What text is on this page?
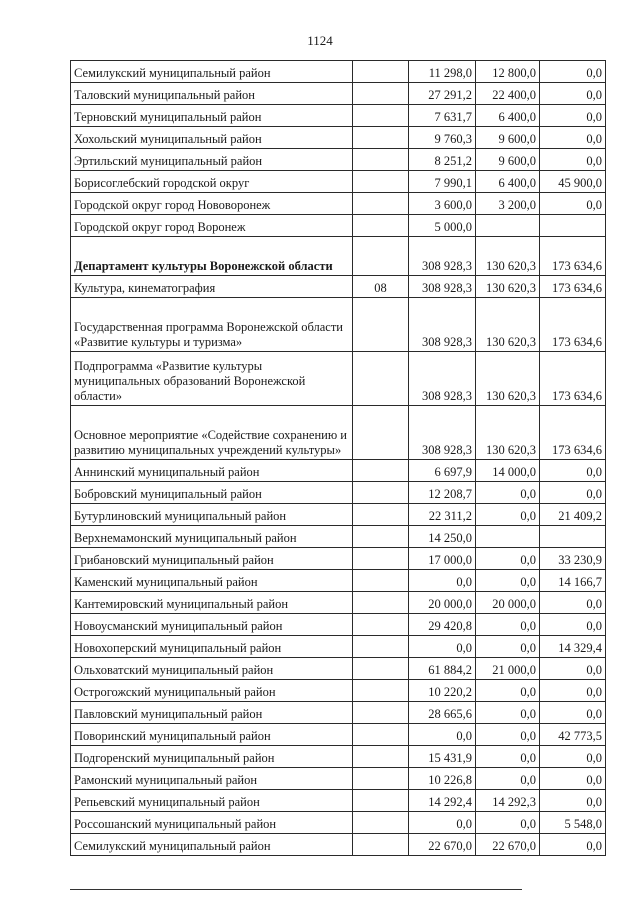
1124
Семилукский муниципальный район		11 298,0	12 800,0	0,0
Таловский муниципальный район		27 291,2	22 400,0	0,0
Терновский муниципальный район		7 631,7	6 400,0	0,0
Хохольский муниципальный район		9 760,3	9 600,0	0,0
Эртильский муниципальный район		8 251,2	9 600,0	0,0
Борисоглебский городской округ		7 990,1	6 400,0	45 900,0
Городской округ город Нововоронеж		3 600,0	3 200,0	0,0
Городской округ город Воронеж		5 000,0		
Департамент культуры Воронежской области		308 928,3	130 620,3	173 634,6
Культура, кинематография	08	308 928,3	130 620,3	173 634,6
Государственная программа Воронежской области «Развитие культуры и туризма»		308 928,3	130 620,3	173 634,6
Подпрограмма «Развитие культуры муниципальных образований Воронежской области»		308 928,3	130 620,3	173 634,6
Основное мероприятие «Содействие сохранению и развитию муниципальных учреждений культуры»		308 928,3	130 620,3	173 634,6
Аннинский муниципальный район		6 697,9	14 000,0	0,0
Бобровский муниципальный район		12 208,7	0,0	0,0
Бутурлиновский муниципальный район		22 311,2	0,0	21 409,2
Верхнемамонский муниципальный район		14 250,0		
Грибановский муниципальный район		17 000,0	0,0	33 230,9
Каменский муниципальный район		0,0	0,0	14 166,7
Кантемировский муниципальный район		20 000,0	20 000,0	0,0
Новоусманский муниципальный район		29 420,8	0,0	0,0
Новохоперский муниципальный район		0,0	0,0	14 329,4
Ольховатский муниципальный район		61 884,2	21 000,0	0,0
Острогожский муниципальный район		10 220,2	0,0	0,0
Павловский муниципальный район		28 665,6	0,0	0,0
Поворинский муниципальный район		0,0	0,0	42 773,5
Подгоренский муниципальный район		15 431,9	0,0	0,0
Рамонский муниципальный район		10 226,8	0,0	0,0
Репьевский муниципальный район		14 292,4	14 292,3	0,0
Россошанский муниципальный район		0,0	0,0	5 548,0
Семилукский муниципальный район		22 670,0	22 670,0	0,0
